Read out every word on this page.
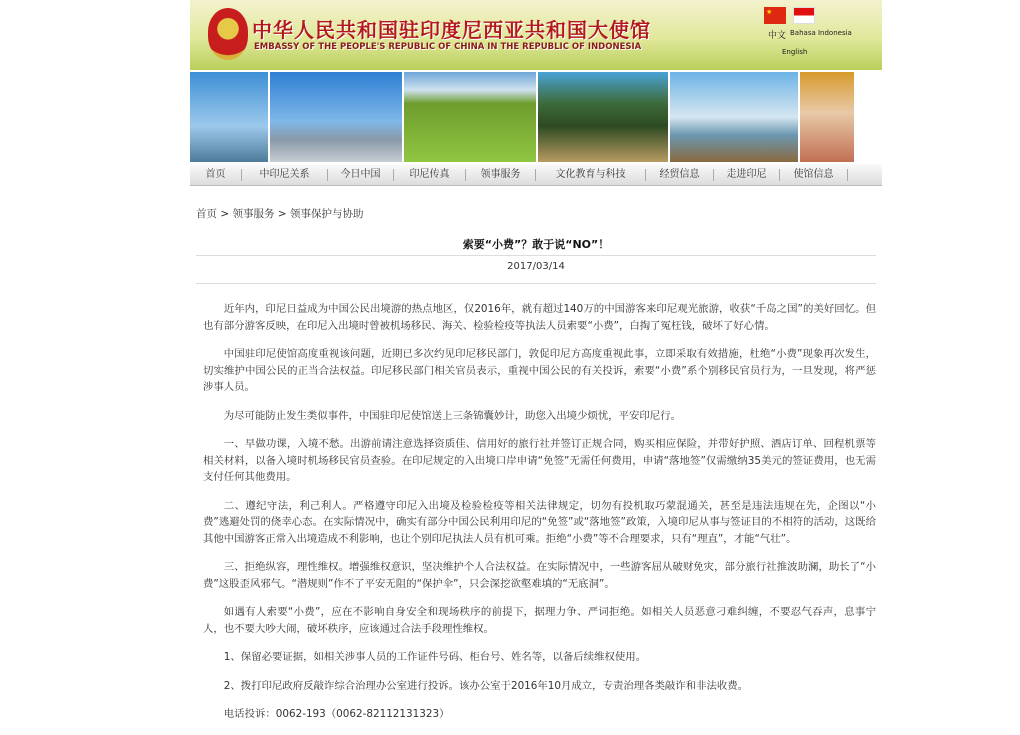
中华人民共和国驻印度尼西亚共和国大使馆
EMBASSY OF THE PEOPLE'S REPUBLIC OF CHINA IN THE REPUBLIC OF INDONESIA
★
中文 Bahasa Indonesia
English
首页	中印尼关系	今日中国	印尼传真	领事服务	文化教育与科技	经贸信息	走进印尼	使馆信息
首页 > 领事服务 > 领事保护与协助
索要“小费”？敢于说“NO”！
2017/03/14

近年内，印尼日益成为中国公民出境游的热点地区，仅2016年，就有超过140万的中国游客来印尼观光旅游，收获“千岛之国”的美好回忆。但也有部分游客反映，在印尼入出境时曾被机场移民、海关、检验检疫等执法人员索要“小费”，白掏了冤枉钱，破坏了好心情。

中国驻印尼使馆高度重视该问题，近期已多次约见印尼移民部门，敦促印尼方高度重视此事，立即采取有效措施，杜绝“小费”现象再次发生，切实维护中国公民的正当合法权益。印尼移民部门相关官员表示，重视中国公民的有关投诉，索要“小费”系个别移民官员行为，一旦发现，将严惩涉事人员。

为尽可能防止发生类似事件，中国驻印尼使馆送上三条锦囊妙计，助您入出境少烦忧，平安印尼行。

一、早做功课，入境不愁。出游前请注意选择资质佳、信用好的旅行社并签订正规合同，购买相应保险，并带好护照、酒店订单、回程机票等相关材料，以备入境时机场移民官员查验。在印尼规定的入出境口岸申请“免签”无需任何费用，申请“落地签”仅需缴纳35美元的签证费用，也无需支付任何其他费用。

二、遵纪守法，利己利人。严格遵守印尼入出境及检验检疫等相关法律规定，切勿有投机取巧蒙混通关，甚至是违法违规在先，企图以“小费”逃避处罚的侥幸心态。在实际情况中，确实有部分中国公民利用印尼的“免签”或“落地签”政策，入境印尼从事与签证目的不相符的活动，这既给其他中国游客正常入出境造成不利影响，也让个别印尼执法人员有机可乘。拒绝“小费”等不合理要求，只有“理直”，才能“气壮”。

三、拒绝纵容，理性维权。增强维权意识，坚决维护个人合法权益。在实际情况中，一些游客屈从破财免灾，部分旅行社推波助澜，助长了“小费”这股歪风邪气。“潜规则”作不了平安无阻的“保护伞”，只会深挖欲壑难填的“无底洞”。

如遇有人索要“小费”，应在不影响自身安全和现场秩序的前提下，据理力争、严词拒绝。如相关人员恶意刁难纠缠，不要忍气吞声，息事宁人，也不要大吵大闹，破坏秩序，应该通过合法手段理性维权。

1、保留必要证据，如相关涉事人员的工作证件号码、柜台号、姓名等，以备后续维权使用。

2、拨打印尼政府反敲诈综合治理办公室进行投诉。该办公室于2016年10月成立，专责治理各类敲诈和非法收费。

电话投诉：0062-193（0062-82112131323）
